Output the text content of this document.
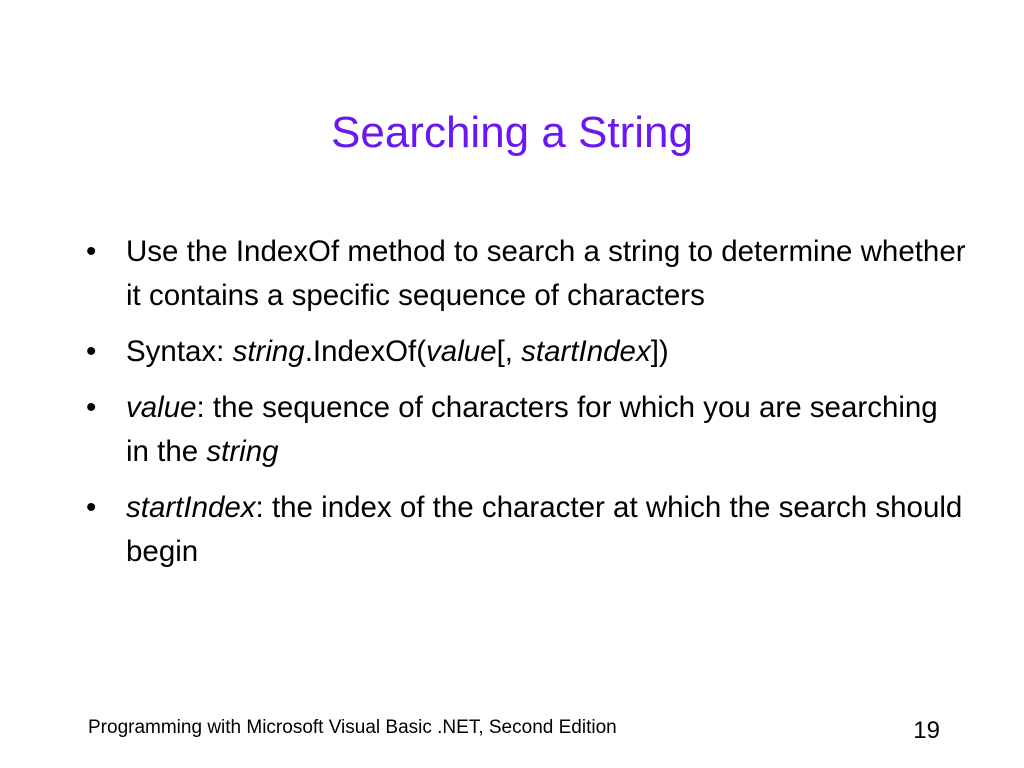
Searching a String
•	Use the IndexOf method to search a string to determine whether it contains a specific sequence of characters
•	Syntax: string.IndexOf(value[, startIndex])
•	value: the sequence of characters for which you are searching in the string
•	startIndex: the index of the character at which the search should begin
Programming with Microsoft Visual Basic .NET, Second Edition	19
